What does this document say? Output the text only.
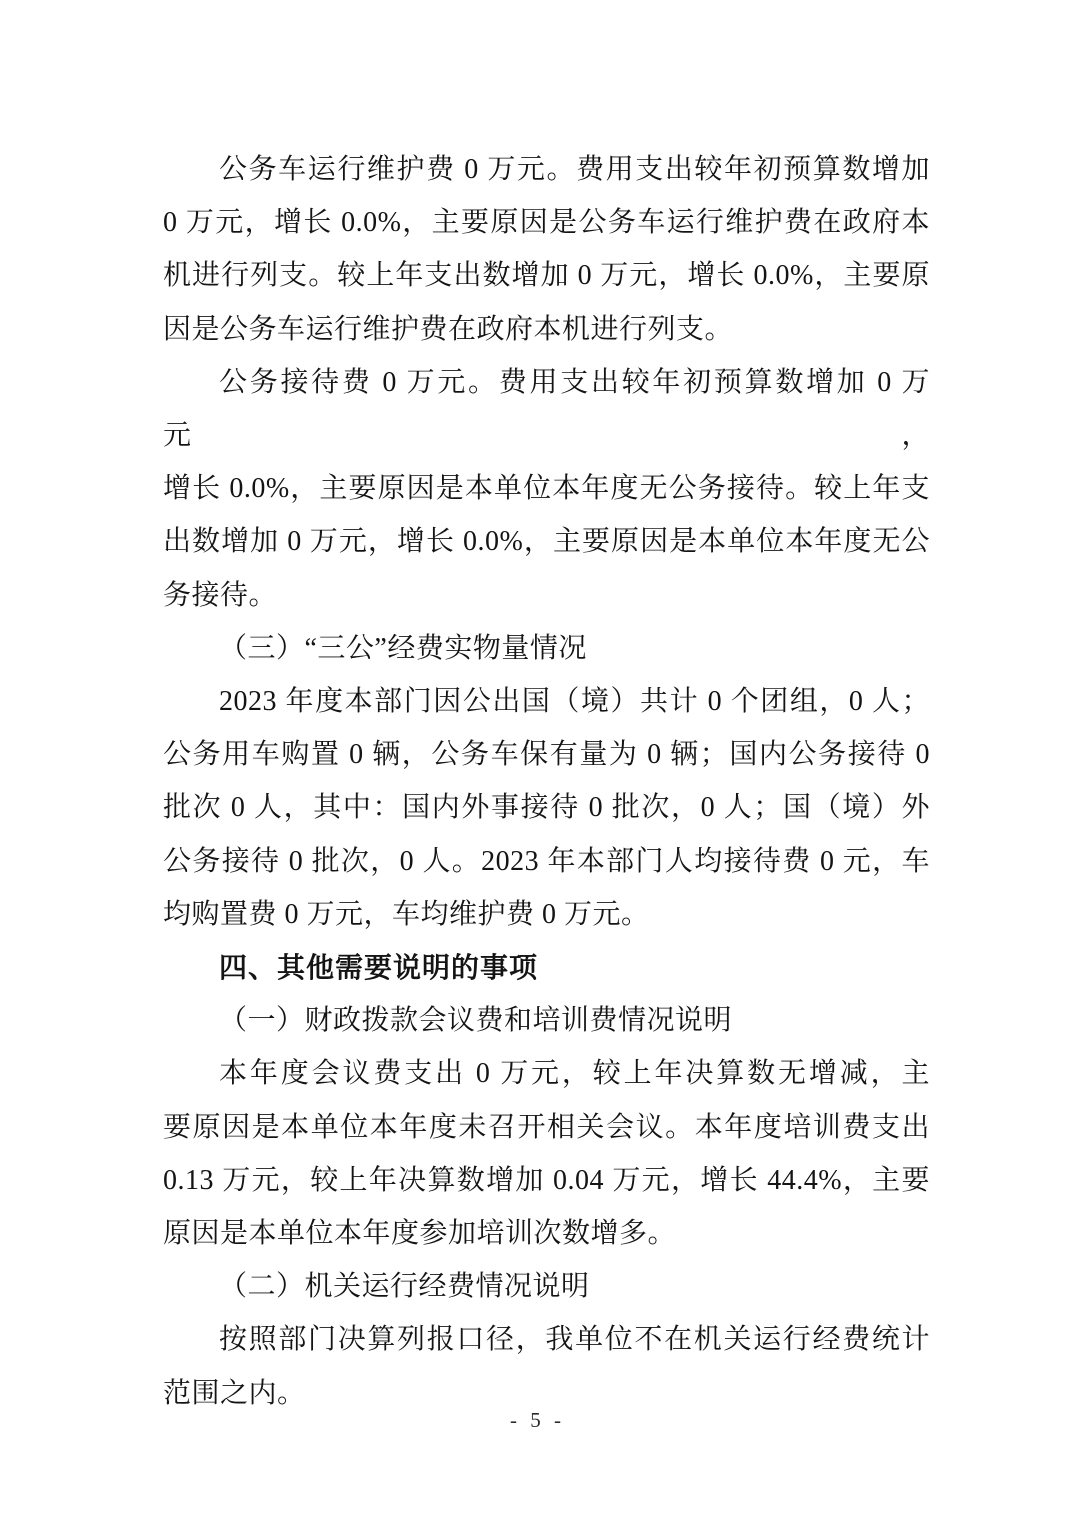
公务车运行维护费 0 万元。费用支出较年初预算数增加
0 万元，增长 0.0%，主要原因是公务车运行维护费在政府本
机进行列支。较上年支出数增加 0 万元，增长 0.0%，主要原
因是公务车运行维护费在政府本机进行列支。
公务接待费 0 万元。费用支出较年初预算数增加 0 万元，
增长 0.0%，主要原因是本单位本年度无公务接待。较上年支
出数增加 0 万元，增长 0.0%，主要原因是本单位本年度无公
务接待。
（三）“三公”经费实物量情况
2023 年度本部门因公出国（境）共计 0 个团组，0 人；
公务用车购置 0 辆，公务车保有量为 0 辆；国内公务接待 0
批次 0 人，其中：国内外事接待 0 批次，0 人；国（境）外
公务接待 0 批次，0 人。2023 年本部门人均接待费 0 元，车
均购置费 0 万元，车均维护费 0 万元。
四、其他需要说明的事项
（一）财政拨款会议费和培训费情况说明
本年度会议费支出 0 万元，较上年决算数无增减，主
要原因是本单位本年度未召开相关会议。本年度培训费支出
0.13 万元，较上年决算数增加 0.04 万元，增长 44.4%，主要
原因是本单位本年度参加培训次数增多。
（二）机关运行经费情况说明
按照部门决算列报口径，我单位不在机关运行经费统计
范围之内。
- 5 -
